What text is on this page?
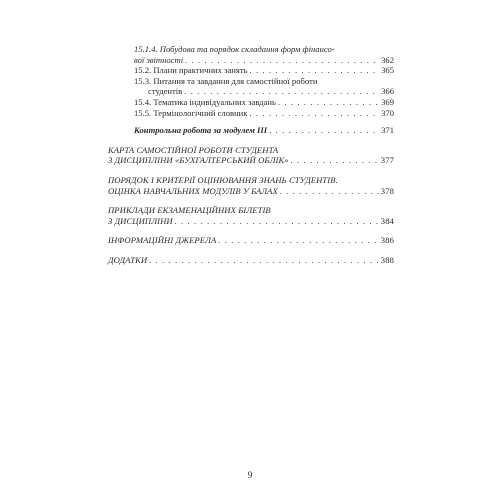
15.1.4. Побудова та порядок складання форм фінансо-
вої звітності . . .	362
15.2. Плани практичних занять . . .	365
15.3. Питання та завдання для самостійної роботи
студентів . . .	366
15.4. Тематика індивідуальних завдань . . .	369
15.5. Термінологічний словник . . .	370
Контрольна робота за модулем ІІІ . . .	371
КАРТА САМОСТІЙНОЇ РОБОТИ СТУДЕНТА
З ДИСЦИПЛІНИ «БУХГАЛТЕРСЬКИЙ ОБЛІК» . . .	377
ПОРЯДОК І КРИТЕРІЇ ОЦІНЮВАННЯ ЗНАНЬ СТУДЕНТІВ.
ОЦІНКА НАВЧАЛЬНИХ МОДУЛІВ У БАЛАХ . . .	378
ПРИКЛАДИ ЕКЗАМЕНАЦІЙНИХ БІЛЕТІВ
З ДИСЦИПЛІНИ . . .	384
ІНФОРМАЦІЙНІ ДЖЕРЕЛА . . .	386
ДОДАТКИ . . .	388
9
